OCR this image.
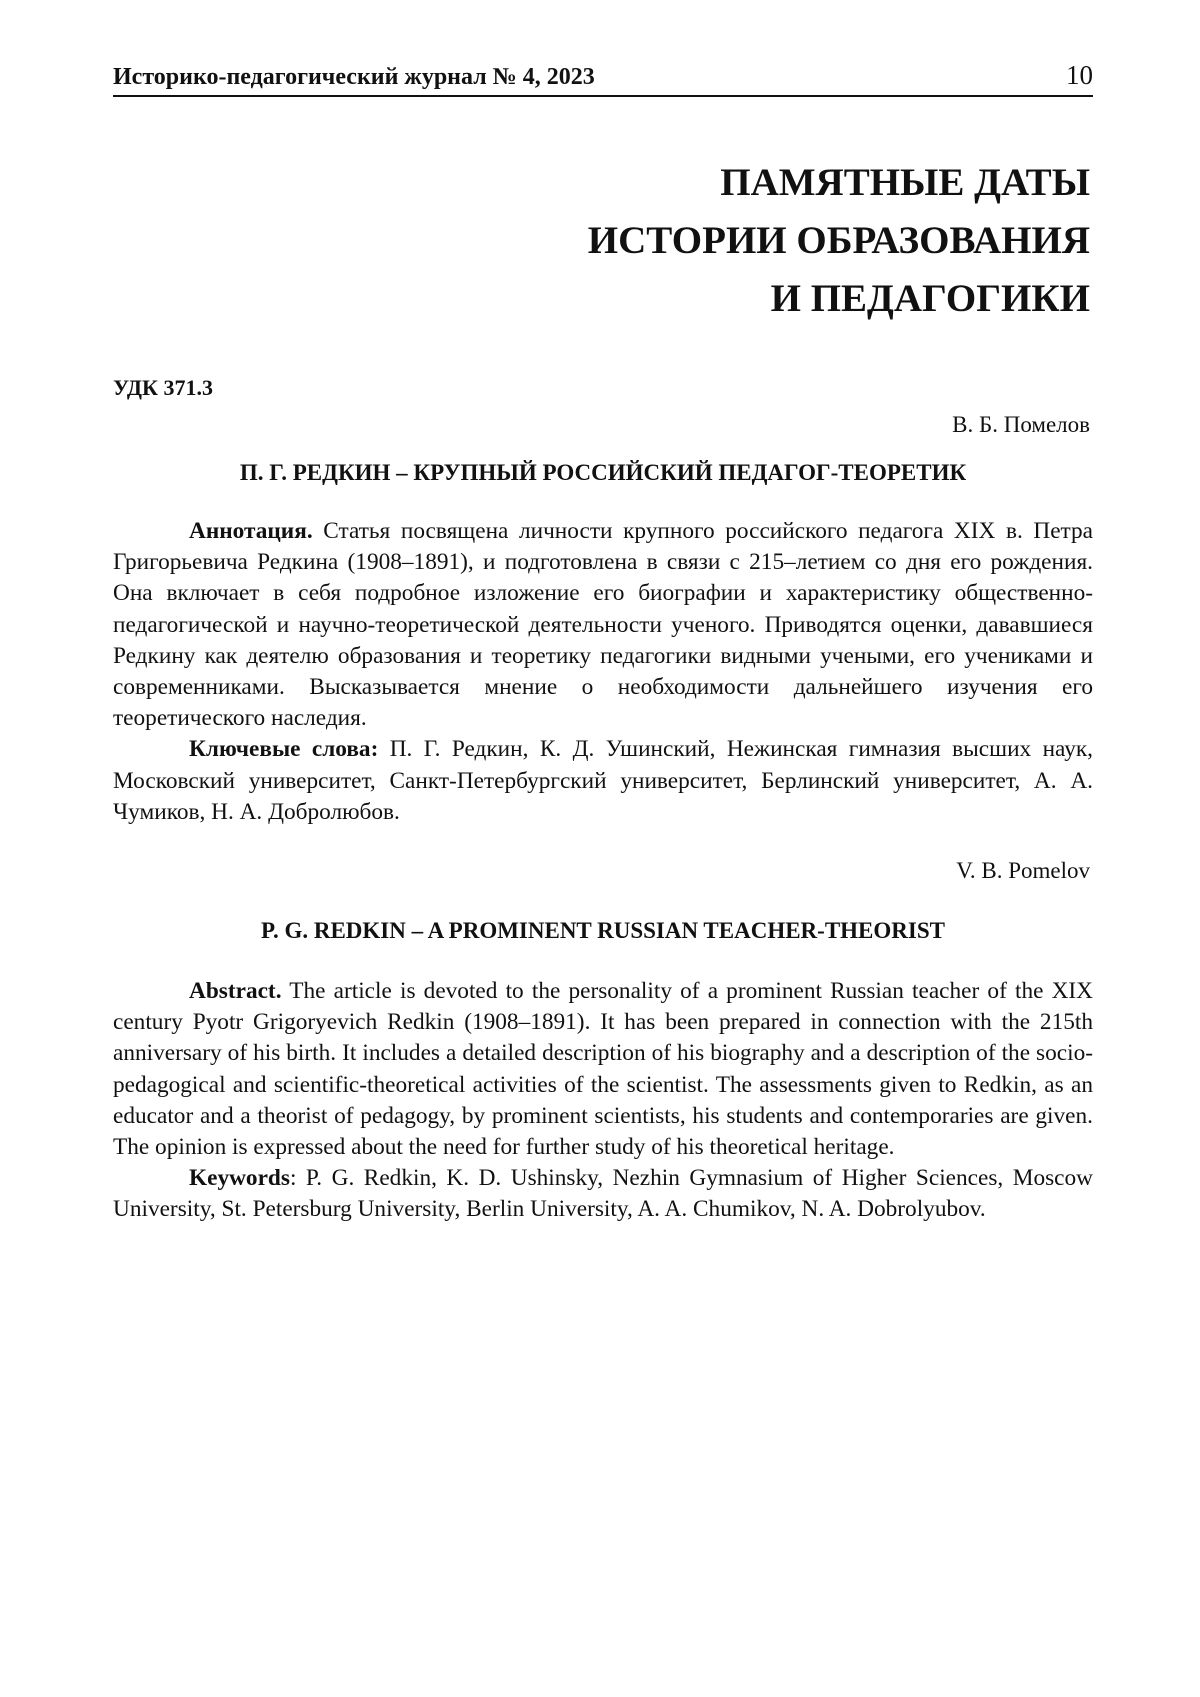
Историко-педагогический журнал № 4, 2023	10
ПАМЯТНЫЕ ДАТЫ
ИСТОРИИ ОБРАЗОВАНИЯ
И ПЕДАГОГИКИ
УДК 371.3
В. Б. Помелов
П. Г. РЕДКИН – КРУПНЫЙ РОССИЙСКИЙ ПЕДАГОГ-ТЕОРЕТИК

Аннотация. Статья посвящена личности крупного российского педагога XIX в. Петра Григорьевича Редкина (1908–1891), и подготовлена в связи с 215–летием со дня его рождения. Она включает в себя подробное изложение его биографии и характеристику общественно-педагогической и научно-теоретической деятельности ученого. Приводятся оценки, дававшиеся Редкину как деятелю образования и теоретику педагогики видными учеными, его учениками и современниками. Высказывается мнение о необходимости дальнейшего изучения его теоретического наследия.

Ключевые слова: П. Г. Редкин, К. Д. Ушинский, Нежинская гимназия высших наук, Московский университет, Санкт-Петербургский университет, Берлинский университет, А. А. Чумиков, Н. А. Добролюбов.

V. B. Pomelov
P. G. REDKIN – A PROMINENT RUSSIAN TEACHER-THEORIST

Abstract. The article is devoted to the personality of a prominent Russian teacher of the XIX century Pyotr Grigoryevich Redkin (1908–1891). It has been prepared in connection with the 215th anniversary of his birth. It includes a detailed description of his biography and a description of the socio-pedagogical and scientific-theoretical activities of the scientist. The assessments given to Redkin, as an educator and a theorist of pedagogy, by prominent scientists, his students and contemporaries are given. The opinion is expressed about the need for further study of his theoretical heritage.

Keywords: P. G. Redkin, K. D. Ushinsky, Nezhin Gymnasium of Higher Sciences, Moscow University, St. Petersburg University, Berlin University, A. A. Chumikov, N. A. Dobrolyubov.
